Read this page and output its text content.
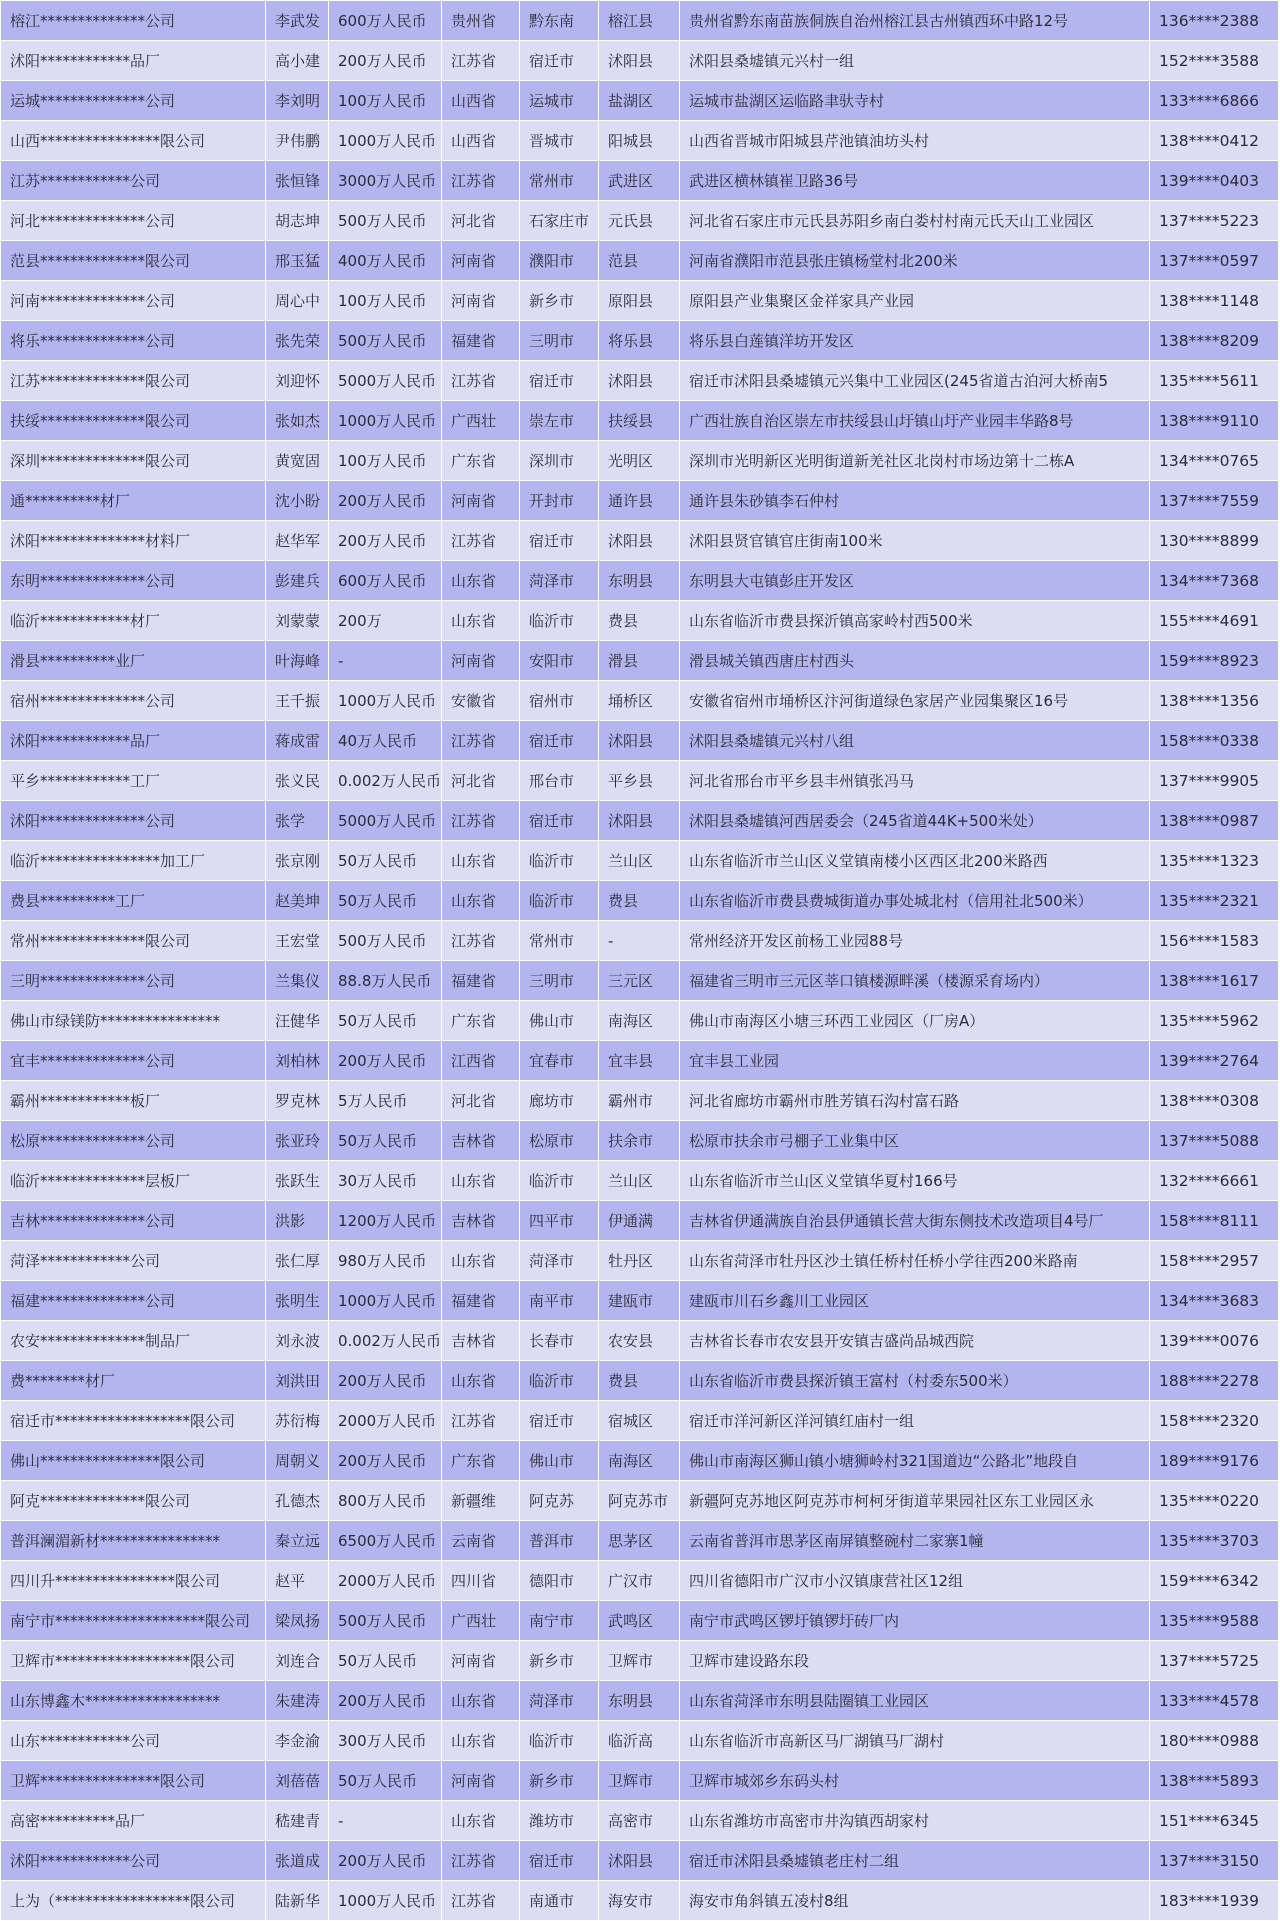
榕江**************公司	李武发	600万人民币	贵州省	黔东南	榕江县	贵州省黔东南苗族侗族自治州榕江县古州镇西环中路12号	136****2388
沭阳************品厂	高小建	200万人民币	江苏省	宿迁市	沭阳县	沭阳县桑墟镇元兴村一组	152****3588
运城**************公司	李刘明	100万人民币	山西省	运城市	盐湖区	运城市盐湖区运临路聿驮寺村	133****6866
山西****************限公司	尹伟鹏	1000万人民币	山西省	晋城市	阳城县	山西省晋城市阳城县芹池镇油坊头村	138****0412
江苏************公司	张恒锋	3000万人民币	江苏省	常州市	武进区	武进区横林镇崔卫路36号	139****0403
河北**************公司	胡志坤	500万人民币	河北省	石家庄市	元氏县	河北省石家庄市元氏县苏阳乡南白娄村村南元氏天山工业园区	137****5223
范县**************限公司	邢玉猛	400万人民币	河南省	濮阳市	范县	河南省濮阳市范县张庄镇杨堂村北200米	137****0597
河南**************公司	周心中	100万人民币	河南省	新乡市	原阳县	原阳县产业集聚区金祥家具产业园	138****1148
将乐**************公司	张先荣	500万人民币	福建省	三明市	将乐县	将乐县白莲镇洋坊开发区	138****8209
江苏**************限公司	刘迎怀	5000万人民币	江苏省	宿迁市	沭阳县	宿迁市沭阳县桑墟镇元兴集中工业园区(245省道古泊河大桥南5	135****5611
扶绥**************限公司	张如杰	1000万人民币	广西壮	崇左市	扶绥县	广西壮族自治区崇左市扶绥县山圩镇山圩产业园丰华路8号	138****9110
深圳**************限公司	黄宽固	100万人民币	广东省	深圳市	光明区	深圳市光明新区光明街道新羌社区北岗村市场边第十二栋A	134****0765
通**********材厂	沈小盼	200万人民币	河南省	开封市	通许县	通许县朱砂镇李石仲村	137****7559
沭阳**************材料厂	赵华军	200万人民币	江苏省	宿迁市	沭阳县	沭阳县贤官镇官庄街南100米	130****8899
东明**************公司	彭建兵	600万人民币	山东省	菏泽市	东明县	东明县大屯镇彭庄开发区	134****7368
临沂************材厂	刘蒙蒙	200万	山东省	临沂市	费县	山东省临沂市费县探沂镇高家岭村西500米	155****4691
滑县**********业厂	叶海峰	-	河南省	安阳市	滑县	滑县城关镇西唐庄村西头	159****8923
宿州**************公司	王千振	1000万人民币	安徽省	宿州市	埇桥区	安徽省宿州市埇桥区汴河街道绿色家居产业园集聚区16号	138****1356
沭阳************品厂	蒋成雷	40万人民币	江苏省	宿迁市	沭阳县	沭阳县桑墟镇元兴村八组	158****0338
平乡************工厂	张义民	0.002万人民币	河北省	邢台市	平乡县	河北省邢台市平乡县丰州镇张冯马	137****9905
沭阳**************公司	张学	5000万人民币	江苏省	宿迁市	沭阳县	沭阳县桑墟镇河西居委会（245省道44K+500米处）	138****0987
临沂****************加工厂	张京刚	50万人民币	山东省	临沂市	兰山区	山东省临沂市兰山区义堂镇南楼小区西区北200米路西	135****1323
费县**********工厂	赵美坤	50万人民币	山东省	临沂市	费县	山东省临沂市费县费城街道办事处城北村（信用社北500米）	135****2321
常州**************限公司	王宏堂	500万人民币	江苏省	常州市	-	常州经济开发区前杨工业园88号	156****1583
三明**************公司	兰集仪	88.8万人民币	福建省	三明市	三元区	福建省三明市三元区莘口镇楼源畔溪（楼源采育场内）	138****1617
佛山市绿镁防****************	汪健华	50万人民币	广东省	佛山市	南海区	佛山市南海区小塘三环西工业园区（厂房A）	135****5962
宜丰**************公司	刘柏林	200万人民币	江西省	宜春市	宜丰县	宜丰县工业园	139****2764
霸州************板厂	罗克林	5万人民币	河北省	廊坊市	霸州市	河北省廊坊市霸州市胜芳镇石沟村富石路	138****0308
松原**************公司	张亚玲	50万人民币	吉林省	松原市	扶余市	松原市扶余市弓棚子工业集中区	137****5088
临沂**************层板厂	张跃生	30万人民币	山东省	临沂市	兰山区	山东省临沂市兰山区义堂镇华夏村166号	132****6661
吉林**************公司	洪影	1200万人民币	吉林省	四平市	伊通满	吉林省伊通满族自治县伊通镇长营大街东侧技术改造项目4号厂	158****8111
菏泽************公司	张仁厚	980万人民币	山东省	菏泽市	牡丹区	山东省菏泽市牡丹区沙土镇任桥村任桥小学往西200米路南	158****2957
福建**************公司	张明生	1000万人民币	福建省	南平市	建瓯市	建瓯市川石乡鑫川工业园区	134****3683
农安**************制品厂	刘永波	0.002万人民币	吉林省	长春市	农安县	吉林省长春市农安县开安镇吉盛尚品城西院	139****0076
费********材厂	刘洪田	200万人民币	山东省	临沂市	费县	山东省临沂市费县探沂镇王富村（村委东500米）	188****2278
宿迁市******************限公司	苏衍梅	2000万人民币	江苏省	宿迁市	宿城区	宿迁市洋河新区洋河镇红庙村一组	158****2320
佛山****************限公司	周朝义	200万人民币	广东省	佛山市	南海区	佛山市南海区狮山镇小塘狮岭村321国道边“公路北”地段自	189****9176
阿克**************限公司	孔德杰	800万人民币	新疆维	阿克苏	阿克苏市	新疆阿克苏地区阿克苏市柯柯牙街道苹果园社区东工业园区永	135****0220
普洱澜湄新材****************	秦立远	6500万人民币	云南省	普洱市	思茅区	云南省普洱市思茅区南屏镇整碗村二家寨1幢	135****3703
四川升****************限公司	赵平	2000万人民币	四川省	德阳市	广汉市	四川省德阳市广汉市小汉镇康营社区12组	159****6342
南宁市********************限公司	梁凤扬	500万人民币	广西壮	南宁市	武鸣区	南宁市武鸣区锣圩镇锣圩砖厂内	135****9588
卫辉市******************限公司	刘连合	50万人民币	河南省	新乡市	卫辉市	卫辉市建设路东段	137****5725
山东博鑫木******************	朱建涛	200万人民币	山东省	菏泽市	东明县	山东省菏泽市东明县陆圈镇工业园区	133****4578
山东************公司	李金渝	300万人民币	山东省	临沂市	临沂高	山东省临沂市高新区马厂湖镇马厂湖村	180****0988
卫辉****************限公司	刘蓓蓓	50万人民币	河南省	新乡市	卫辉市	卫辉市城郊乡东码头村	138****5893
高密**********品厂	嵇建青	-	山东省	潍坊市	高密市	山东省潍坊市高密市井沟镇西胡家村	151****6345
沭阳************公司	张道成	200万人民币	江苏省	宿迁市	沭阳县	宿迁市沭阳县桑墟镇老庄村二组	137****3150
上为（******************限公司	陆新华	1000万人民币	江苏省	南通市	海安市	海安市角斜镇五凌村8组	183****1939
